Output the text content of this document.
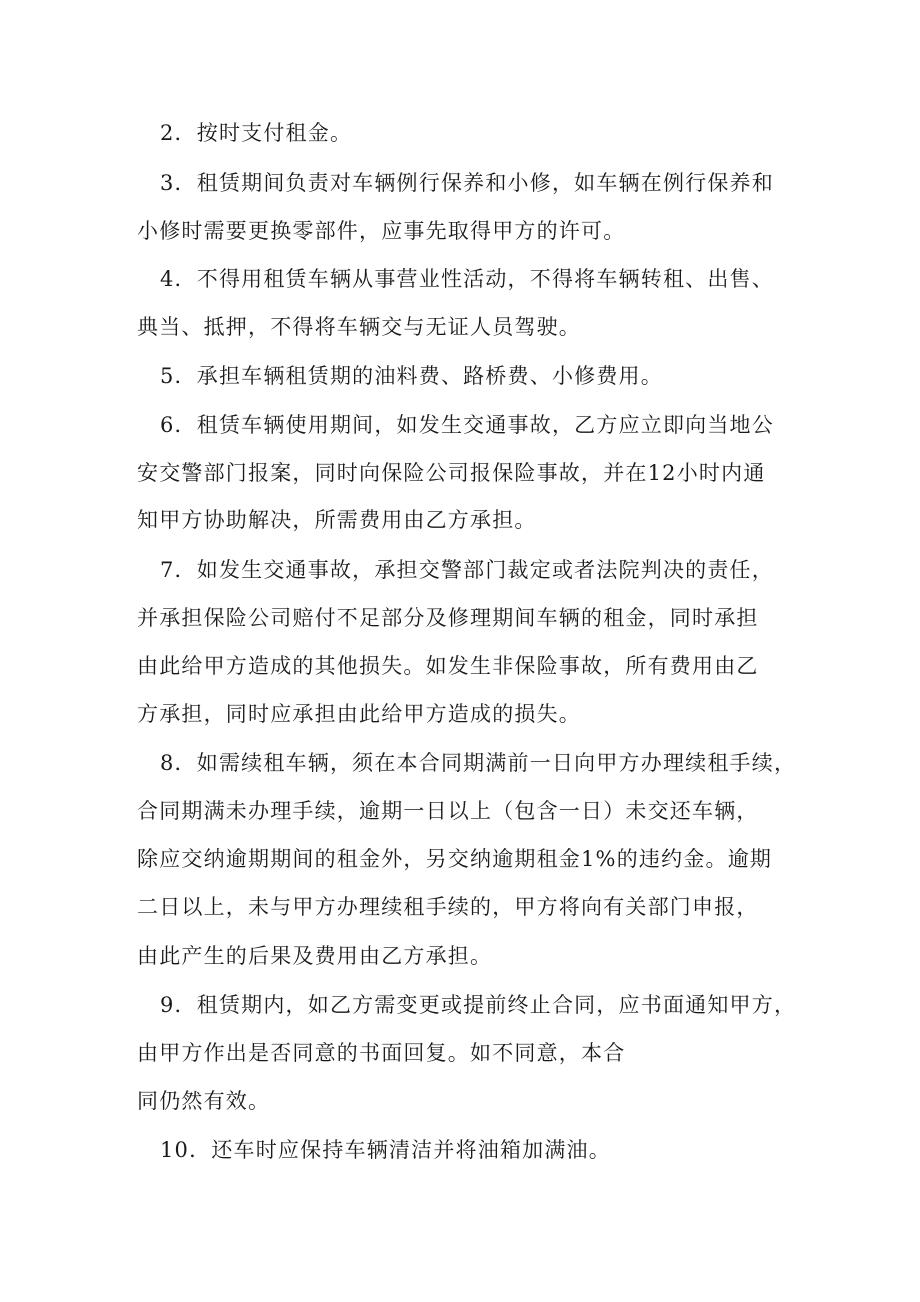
2．按时支付租金。
3．租赁期间负责对车辆例行保养和小修，如车辆在例行保养和
小修时需要更换零部件，应事先取得甲方的许可。
4．不得用租赁车辆从事营业性活动，不得将车辆转租、出售、
典当、抵押，不得将车辆交与无证人员驾驶。
5．承担车辆租赁期的油料费、路桥费、小修费用。
6．租赁车辆使用期间，如发生交通事故，乙方应立即向当地公
安交警部门报案，同时向保险公司报保险事故，并在12小时内通
知甲方协助解决，所需费用由乙方承担。
7．如发生交通事故，承担交警部门裁定或者法院判决的责任，
并承担保险公司赔付不足部分及修理期间车辆的租金，同时承担
由此给甲方造成的其他损失。如发生非保险事故，所有费用由乙
方承担，同时应承担由此给甲方造成的损失。
8．如需续租车辆，须在本合同期满前一日向甲方办理续租手续，
合同期满未办理手续，逾期一日以上（包含一日）未交还车辆，
除应交纳逾期期间的租金外，另交纳逾期租金1%的违约金。逾期
二日以上，未与甲方办理续租手续的，甲方将向有关部门申报，
由此产生的后果及费用由乙方承担。
9．租赁期内，如乙方需变更或提前终止合同，应书面通知甲方，
由甲方作出是否同意的书面回复。如不同意，本合
同仍然有效。
10．还车时应保持车辆清洁并将油箱加满油。
